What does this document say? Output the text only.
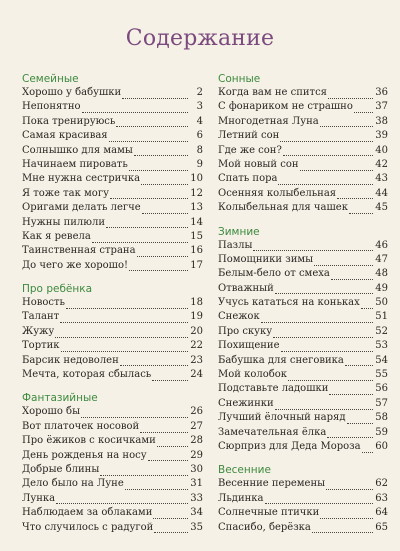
Содержание
Семейные
Хорошо у бабушки	2
Непонятно	3
Пока тренируюсь	4
Самая красивая	6
Солнышко для мамы	8
Начинаем пировать	9
Мне нужна сестричка	10
Я тоже так могу	12
Оригами делать легче	13
Нужны пилюли	14
Как я ревела	15
Таинственная страна	16
До чего же хорошо!	17
Про ребёнка
Новость	18
Талант	19
Жужу	20
Тортик	22
Барсик недоволен	23
Мечта, которая сбылась	24
Фантазийные
Хорошо бы	26
Вот платочек носовой	27
Про ёжиков с косичками	28
День рожденья на носу	29
Добрые блины	30
Дело было на Луне	31
Лунка	33
Наблюдаем за облаками	34
Что случилось с радугой	35
Сонные
Когда вам не спится	36
С фонариком не страшно 37
Многодетная Луна	38
Летний сон	39
Где же сон?	40
Мой новый сон	42
Спать пора	43
Осенняя колыбельная	44
Колыбельная для чашек	45
Зимние
Пазлы	46
Помощники зимы	47
Белым-бело от смеха	48
Отважный	49
Учусь кататься на коньках 50
Снежок	51
Про скуку	52
Похищение	53
Бабушка для снеговика	54
Мой колобок	55
Подставьте ладошки	56
Снежинки	57
Лучший ёлочный наряд	58
Замечательная ёлка	59
Сюрприз для Деда Мороза 60
Весенние
Весенние перемены	62
Льдинка	63
Солнечные птички	64
Спасибо, берёзка	65
